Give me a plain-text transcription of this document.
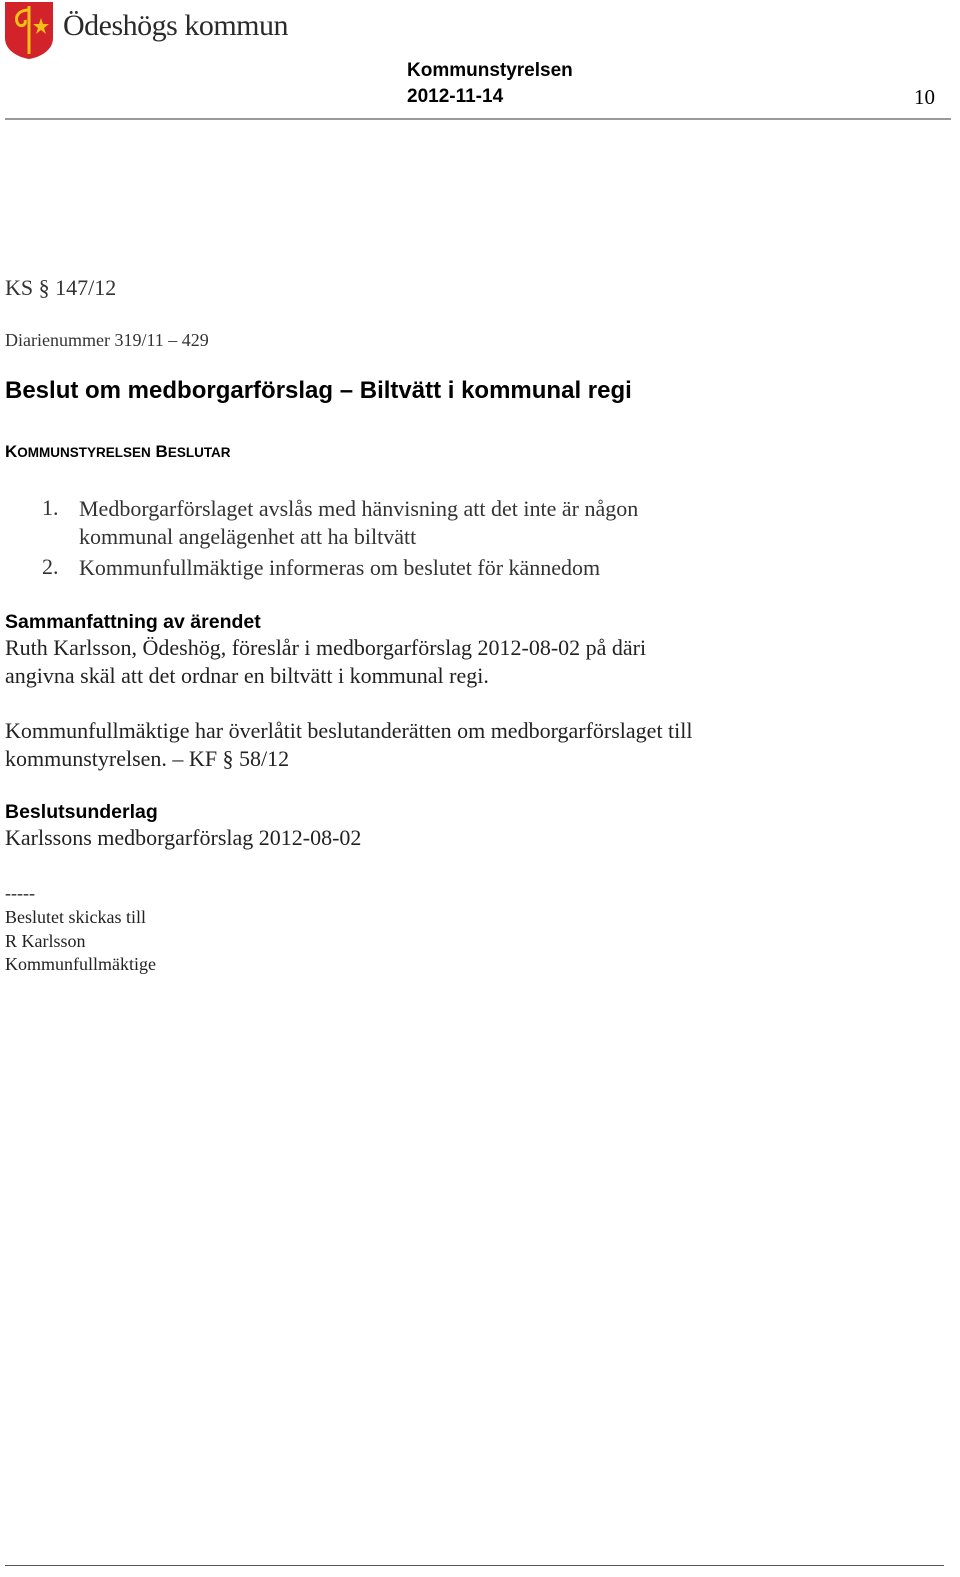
Ödeshögs kommun
Kommunstyrelsen
2012-11-14	10
KS § 147/12
Diarienummer 319/11 – 429
Beslut om medborgarförslag – Biltvätt i kommunal regi
KOMMUNSTYRELSEN BESLUTAR
1. Medborgarförslaget avslås med hänvisning att det inte är någon
kommunal angelägenhet att ha biltvätt
2. Kommunfullmäktige informeras om beslutet för kännedom
Sammanfattning av ärendet
Ruth Karlsson, Ödeshög, föreslår i medborgarförslag 2012-08-02 på däri
angivna skäl att det ordnar en biltvätt i kommunal regi.
Kommunfullmäktige har överlåtit beslutanderätten om medborgarförslaget till
kommunstyrelsen. – KF § 58/12
Beslutsunderlag
Karlssons medborgarförslag 2012-08-02
-----
Beslutet skickas till
R Karlsson
Kommunfullmäktige
